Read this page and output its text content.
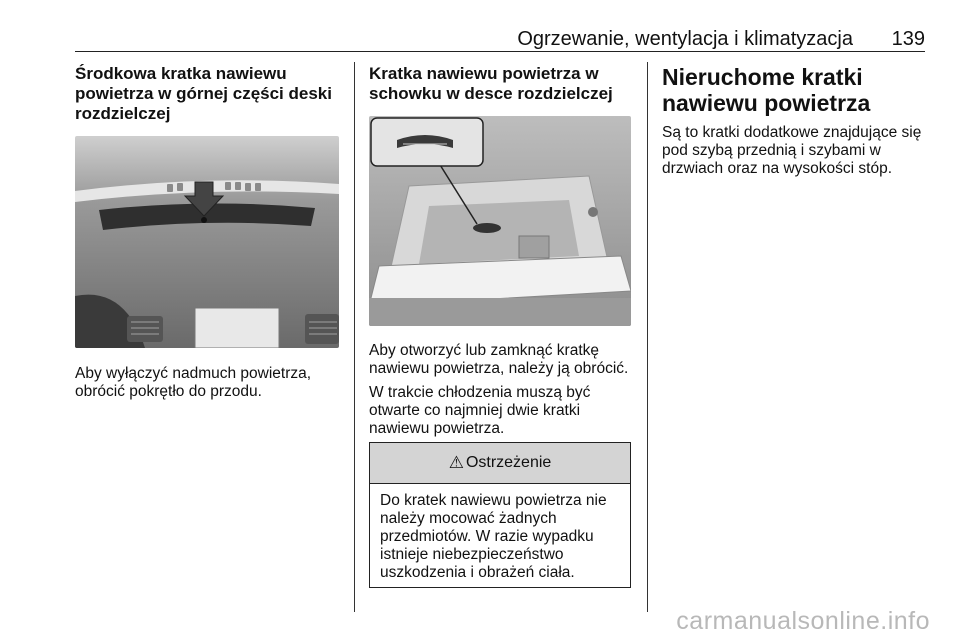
Ogrzewanie, wentylacja i klimatyzacja 139
Środkowa kratka nawiewu powietrza w górnej części deski rozdzielczej

Aby wyłączyć nadmuch powietrza, obrócić pokrętło do przodu.

Kratka nawiewu powietrza w schowku w desce rozdzielczej

Aby otworzyć lub zamknąć kratkę nawiewu powietrza, należy ją obrócić.

W trakcie chłodzenia muszą być otwarte co najmniej dwie kratki nawiewu powietrza.

⚠ Ostrzeżenie
Do kratek nawiewu powietrza nie należy mocować żadnych przedmiotów. W razie wypadku istnieje niebezpieczeństwo uszkodzenia i obrażeń ciała.
Nieruchome kratki nawiewu powietrza

Są to kratki dodatkowe znajdujące się pod szybą przednią i szybami w drzwiach oraz na wysokości stóp.

carmanualsonline.info
